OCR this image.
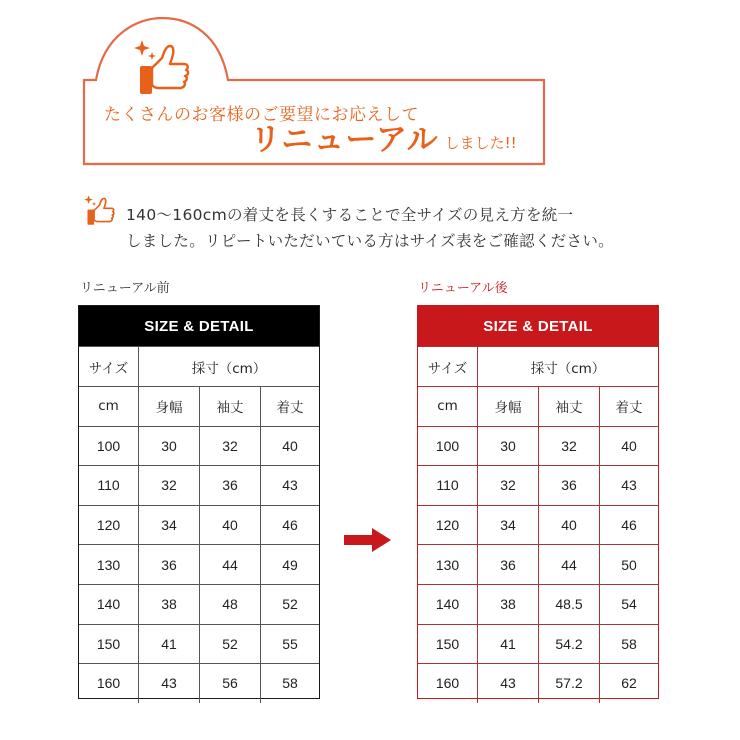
たくさんのお客様のご要望にお応えして
リニューアル しました!!
140〜160cmの着丈を長くすることで全サイズの見え方を統一
しました。リピートいただいている方はサイズ表をご確認ください。
リニューアル前	リニューアル後
SIZE & DETAIL
サイズ	採寸（cm）
cm	身幅	袖丈	着丈
100	30	32	40
110	32	36	43
120	34	40	46
130	36	44	49
140	38	48	52
150	41	52	55
160	43	56	58
SIZE & DETAIL
サイズ	採寸（cm）
cm	身幅	袖丈	着丈
100	30	32	40
110	32	36	43
120	34	40	46
130	36	44	50
140	38	48.5	54
150	41	54.2	58
160	43	57.2	62
